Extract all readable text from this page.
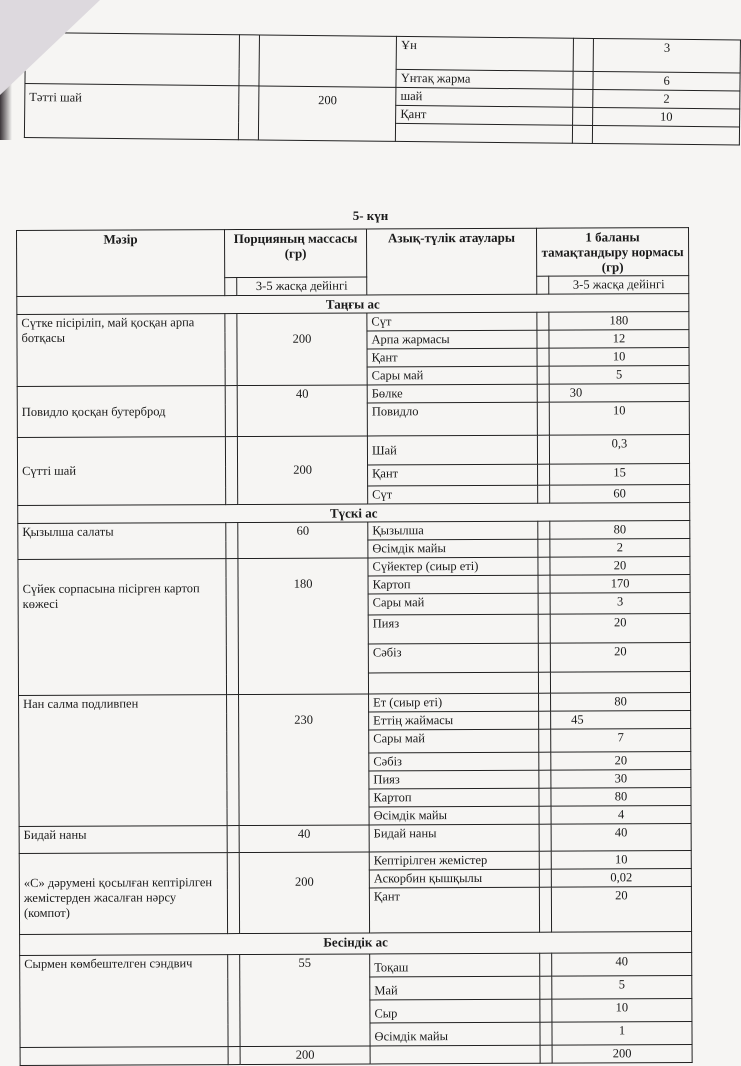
			Ұн		3
			Үнтақ жарма		6
Тәтті шай		200	шай		2
			Қант		10

5- күн
Мәзір	Порцияның массасы (гр)		Азық-түлік атаулары	1 баланы тамақтандыру нормасы (гр)	
		3-5 жасқа дейінгі			3-5 жасқа дейінгі
Таңғы ас					
Сүтке пісіріліп, май қосқан арпа ботқасы		200	Сүт		180
			Арпа жармасы		12
			Қант		10
			Сары май		5
Повидло қосқан бутерброд		40	Бөлке		30
			Повидло		10
Сүтті шай		200	Шай		0,3
			Қант		15
			Сүт		60
Түскі ас					
Қызылша салаты		60	Қызылша		80
			Өсімдік майы		2
Сүйек сорпасына пісірген картоп көжесі		180	Сүйектер (сиыр еті)		20
			Картоп		170
			Сары май		3
			Пияз		20
			Сәбіз		20

Нан салма подливпен		230	Ет (сиыр еті)		80
			Еттің жаймасы		45
			Сары май		7
			Сәбіз		20
			Пияз		30
			Картоп		80
			Өсімдік майы		4
Бидай наны		40	Бидай наны		40
«С» дәрумені қосылған кептірілген жемістерден жасалған нәрсу (компот)		200	Кептірілген жемістер		10
			Аскорбин қышқылы		0,02
			Қант		20
Бесіндік ас					
Сырмен көмбештелген сэндвич		55	Тоқаш		40
			Май		5
			Сыр		10
			Өсімдік майы		1
		200			200
